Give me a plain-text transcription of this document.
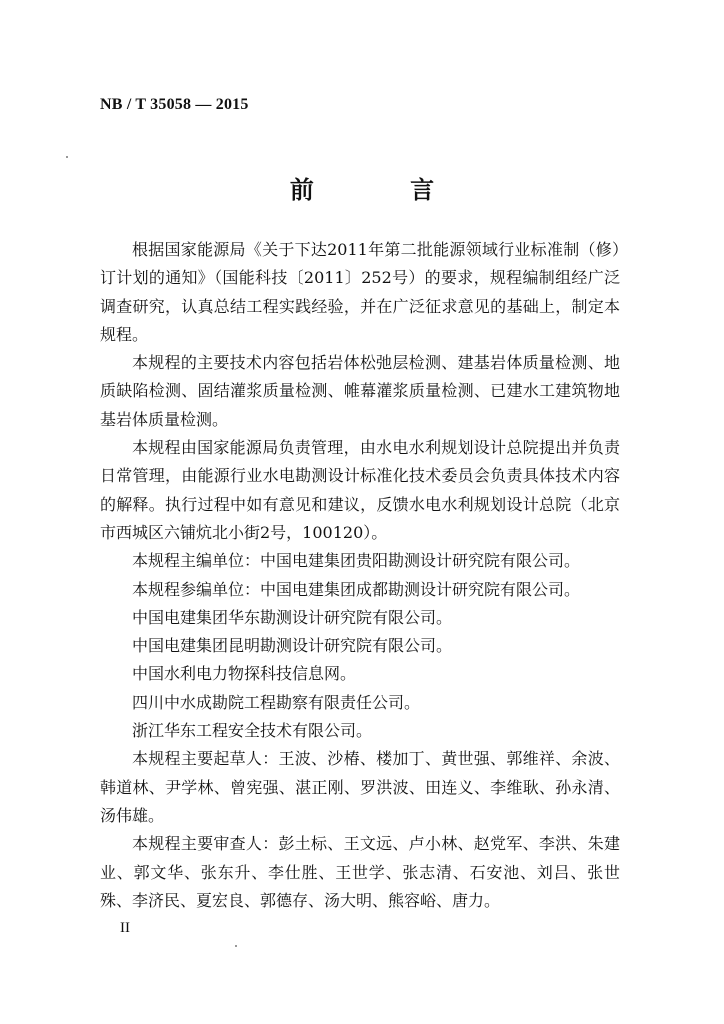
NB / T 35058 — 2015
前 言

根据国家能源局《关于下达2011年第二批能源领域行业标准制（修）订计划的通知》（国能科技〔2011〕252号）的要求，规程编制组经广泛调查研究，认真总结工程实践经验，并在广泛征求意见的基础上，制定本规程。

本规程的主要技术内容包括岩体松弛层检测、建基岩体质量检测、地质缺陷检测、固结灌浆质量检测、帷幕灌浆质量检测、已建水工建筑物地基岩体质量检测。

本规程由国家能源局负责管理，由水电水利规划设计总院提出并负责日常管理，由能源行业水电勘测设计标准化技术委员会负责具体技术内容的解释。执行过程中如有意见和建议，反馈水电水利规划设计总院（北京市西城区六铺炕北小街2号，100120）。

本规程主编单位：中国电建集团贵阳勘测设计研究院有限公司。

本规程参编单位：中国电建集团成都勘测设计研究院有限公司。

中国电建集团华东勘测设计研究院有限公司。

中国电建集团昆明勘测设计研究院有限公司。

中国水利电力物探科技信息网。

四川中水成勘院工程勘察有限责任公司。

浙江华东工程安全技术有限公司。

本规程主要起草人：王波、沙椿、楼加丁、黄世强、郭维祥、余波、韩道林、尹学林、曾宪强、湛正刚、罗洪波、田连义、李维耿、孙永清、汤伟雄。

本规程主要审查人：彭土标、王文远、卢小林、赵党军、李洪、朱建业、郭文华、张东升、李仕胜、王世学、张志清、石安池、刘吕、张世殊、李济民、夏宏良、郭德存、汤大明、熊容峪、唐力。

II
